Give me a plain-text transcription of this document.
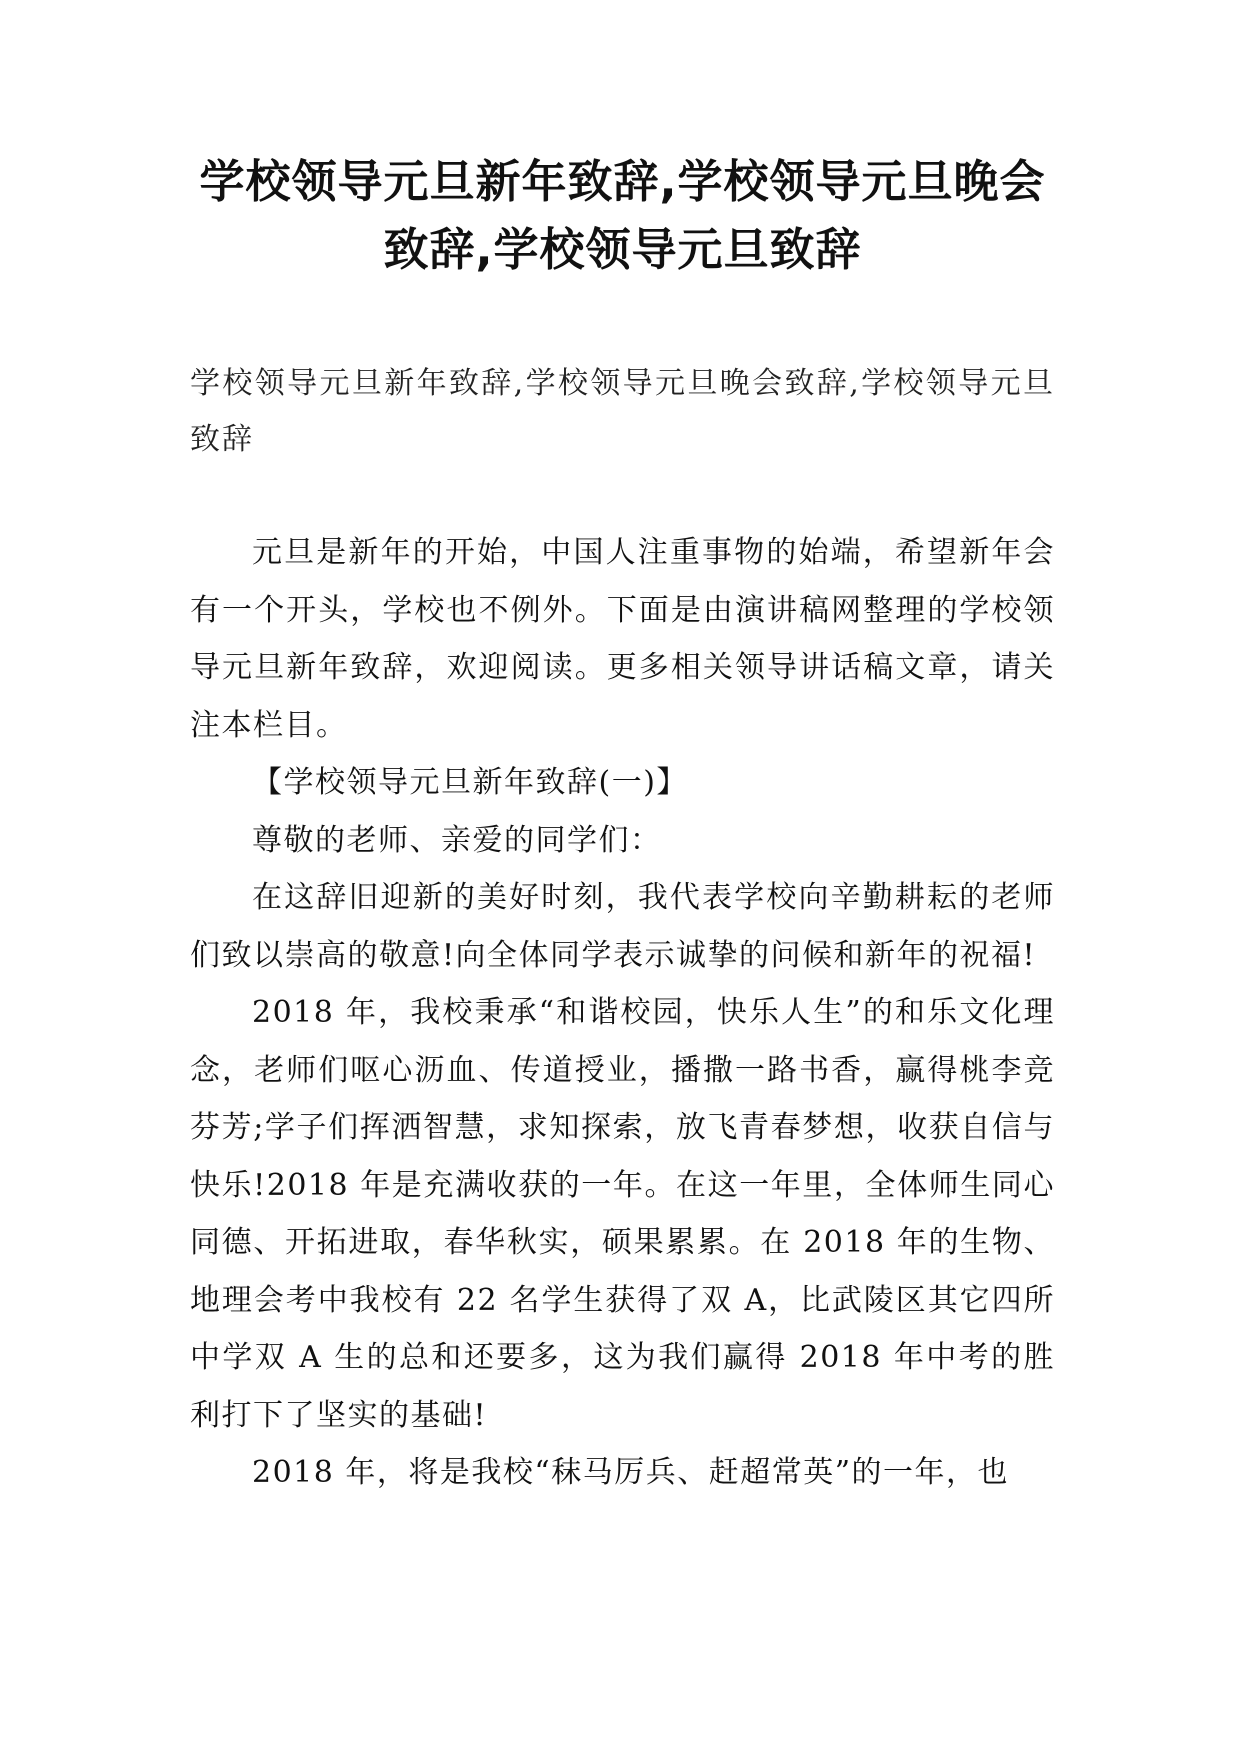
学校领导元旦新年致辞,学校领导元旦晚会致辞,学校领导元旦致辞

学校领导元旦新年致辞,学校领导元旦晚会致辞,学校领导元旦致辞

元旦是新年的开始，中国人注重事物的始端，希望新年会有一个开头，学校也不例外。下面是由演讲稿网整理的学校领导元旦新年致辞，欢迎阅读。更多相关领导讲话稿文章，请关注本栏目。

【学校领导元旦新年致辞(一)】

尊敬的老师、亲爱的同学们：

在这辞旧迎新的美好时刻，我代表学校向辛勤耕耘的老师们致以崇高的敬意!向全体同学表示诚挚的问候和新年的祝福!

2018 年，我校秉承“和谐校园，快乐人生”的和乐文化理念，老师们呕心沥血、传道授业，播撒一路书香，赢得桃李竞芬芳;学子们挥洒智慧，求知探索，放飞青春梦想，收获自信与快乐!2018 年是充满收获的一年。在这一年里，全体师生同心同德、开拓进取，春华秋实，硕果累累。在 2018 年的生物、地理会考中我校有 22 名学生获得了双 A，比武陵区其它四所中学双 A 生的总和还要多，这为我们赢得 2018 年中考的胜利打下了坚实的基础!

2018 年，将是我校“秣马厉兵、赶超常英”的一年，也
